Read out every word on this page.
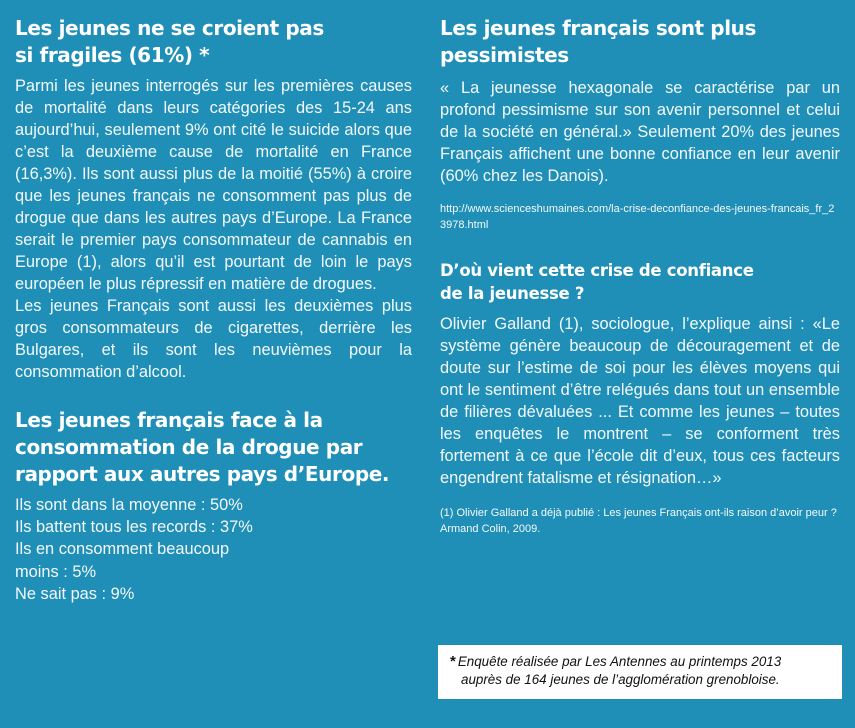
Les jeunes ne se croient pas
si fragiles (61%) *

Parmi les jeunes interrogés sur les premières causes de mortalité dans leurs catégories des 15-24 ans aujourd’hui, seulement 9% ont cité le suicide alors que c’est la deuxième cause de mortalité en France (16,3%). Ils sont aussi plus de la moitié (55%) à croire que les jeunes français ne consomment pas plus de drogue que dans les autres pays d’Europe. La France serait le premier pays consommateur de cannabis en Europe (1), alors qu’il est pourtant de loin le pays européen le plus répressif en matière de drogues.

Les jeunes Français sont aussi les deuxièmes plus gros consommateurs de cigarettes, derrière les Bulgares, et ils sont les neuvièmes pour la consommation d’alcool.

Les jeunes français face à la
consommation de la drogue par
rapport aux autres pays d’Europe.
Ils sont dans la moyenne : 50%
Ils battent tous les records : 37%
Ils en consomment beaucoup
moins : 5%
Ne sait pas : 9%
Les jeunes français sont plus
pessimistes

« La jeunesse hexagonale se caractérise par un profond pessimisme sur son avenir personnel et celui de la société en général.» Seulement 20% des jeunes Français affichent une bonne confiance en leur avenir (60% chez les Danois).

http://www.scienceshumaines.com/la-crise-deconfiance-des-jeunes-francais_fr_23978.html

D’où vient cette crise de confiance
de la jeunesse ?

Olivier Galland (1), sociologue, l’explique ainsi : «Le système génère beaucoup de découragement et de doute sur l’estime de soi pour les élèves moyens qui ont le sentiment d’être relégués dans tout un ensemble de filières dévaluées ... Et comme les jeunes – toutes les enquêtes le montrent – se conforment très fortement à ce que l’école dit d’eux, tous ces facteurs engendrent fatalisme et résignation…»

(1) Olivier Galland a déjà publié : Les jeunes Français ont-ils raison d’avoir peur ? Armand Colin, 2009.

* Enquête réalisée par Les Antennes au printemps 2013
auprès de 164 jeunes de l’agglomération grenobloise.
